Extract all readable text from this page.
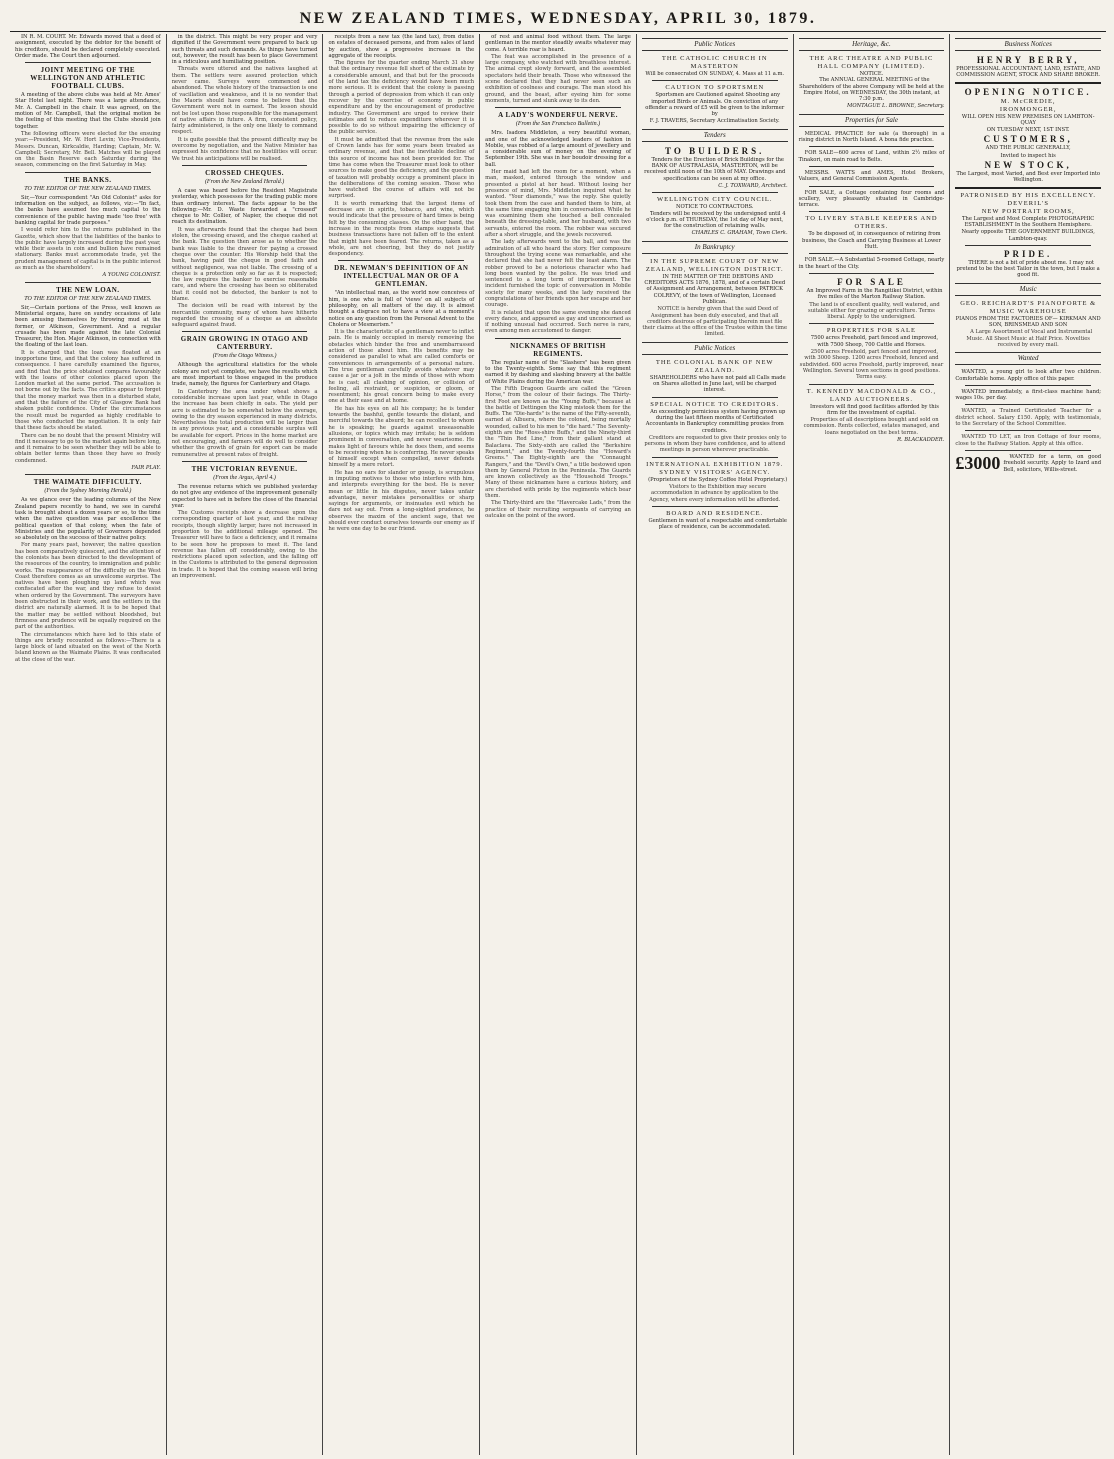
NEW ZEALAND TIMES, WEDNESDAY, APRIL 30, 1879.

IN R. M. COURT. Mr. Edwards moved that a deed of assignment, executed by the debtor for the benefit of his creditors, should be declared completely executed. Order made. The Court then adjourned.

JOINT MEETING OF THE WELLINGTON AND ATHLETIC FOOTBALL CLUBS.

A meeting of the above clubs was held at Mr. Ames' Star Hotel last night. There was a large attendance, Mr. A. Campbell in the chair. It was agreed, on the motion of Mr. Campbell, that the original motion be the feeling of this meeting that the Clubs should join together.

The following officers were elected for the ensuing year:—President, Mr. W. Hort Levin; Vice-Presidents, Messrs. Duncan, Kirkcaldie, Harding; Captain, Mr. W. Campbell; Secretary, Mr. Bell. Matches will be played on the Basin Reserve each Saturday during the season, commencing on the first Saturday in May.

THE BANKS.
TO THE EDITOR OF THE NEW ZEALAND TIMES.

Sir,—Your correspondent "An Old Colonist" asks for information on the subject, as follows, viz:—"In fact, the banks have assumed too much capital to the convenience of the public having made 'too free' with banking capital for trade purposes."

I would refer him to the returns published in the Gazette, which show that the liabilities of the banks to the public have largely increased during the past year, while their assets in coin and bullion have remained stationary. Banks must accommodate trade, yet the prudent management of capital is in the public interest as much as the shareholders'.

A YOUNG COLONIST.

THE NEW LOAN.
TO THE EDITOR OF THE NEW ZEALAND TIMES.

Sir,—Certain portions of the Press, well known as Ministerial organs, have on sundry occasions of late been amusing themselves by throwing mud at the former, or Atkinson, Government. And a regular crusade has been made against the late Colonial Treasurer, the Hon. Major Atkinson, in connection with the floating of the last loan.

It is charged that the loan was floated at an inopportune time, and that the colony has suffered in consequence. I have carefully examined the figures, and find that the price obtained compares favourably with the loans of other colonies placed upon the London market at the same period. The accusation is not borne out by the facts. The critics appear to forget that the money market was then in a disturbed state, and that the failure of the City of Glasgow Bank had shaken public confidence. Under the circumstances the result must be regarded as highly creditable to those who conducted the negotiation. It is only fair that these facts should be stated.

There can be no doubt that the present Ministry will find it necessary to go to the market again before long, and it remains to be seen whether they will be able to obtain better terms than those they have so freely condemned.

FAIR PLAY.

THE WAIMATE DIFFICULTY.
(From the Sydney Morning Herald.)

As we glance over the leading columns of the New Zealand papers recently to hand, we see in careful task is brought about a dozen years or so, to the time when the native question was par excellence the political question of that colony, when the fate of Ministries and the popularity of Governors depended so absolutely on the success of their native policy.

For many years past, however, the native question has been comparatively quiescent, and the attention of the colonists has been directed to the development of the resources of the country, to immigration and public works. The reappearance of the difficulty on the West Coast therefore comes as an unwelcome surprise. The natives have been ploughing up land which was confiscated after the war, and they refuse to desist when ordered by the Government. The surveyors have been obstructed in their work, and the settlers in the district are naturally alarmed. It is to be hoped that the matter may be settled without bloodshed, but firmness and prudence will be equally required on the part of the authorities.

The circumstances which have led to this state of things are briefly recounted as follows:—There is a large block of land situated on the west of the North Island known as the Waimate Plains. It was confiscated at the close of the war.

in the district. This might be very proper and very dignified if the Government were prepared to back up such threats and such demands. As things have turned out, however, the result has been to place Government in a ridiculous and humiliating position.

Threats were uttered and the natives laughed at them. The settlers were assured protection which never came. Surveys were commenced and abandoned. The whole history of the transaction is one of vacillation and weakness, and it is no wonder that the Maoris should have come to believe that the Government were not in earnest. The lesson should not be lost upon those responsible for the management of native affairs in future. A firm, consistent policy, fairly administered, is the only one likely to command respect.

It is quite possible that the present difficulty may be overcome by negotiation, and the Native Minister has expressed his confidence that no hostilities will occur. We trust his anticipations will be realised.

CROSSED CHEQUES.
(From the New Zealand Herald.)

A case was heard before the Resident Magistrate yesterday, which possesses for the trading public more than ordinary interest. The facts appear to be the following:—Mr. D. Waste forwarded a "crossed" cheque to Mr. Collier, of Napier, the cheque did not reach its destination.

It was afterwards found that the cheque had been stolen, the crossing erased, and the cheque cashed at the bank. The question then arose as to whether the bank was liable to the drawer for paying a crossed cheque over the counter. His Worship held that the bank, having paid the cheque in good faith and without negligence, was not liable. The crossing of a cheque is a protection only so far as it is respected; the law requires the banker to exercise reasonable care, and where the crossing has been so obliterated that it could not be detected, the banker is not to blame.

The decision will be read with interest by the mercantile community, many of whom have hitherto regarded the crossing of a cheque as an absolute safeguard against fraud.

GRAIN GROWING IN OTAGO AND CANTERBURY.
(From the Otago Witness.)

Although the agricultural statistics for the whole colony are not yet complete, we have the results which are most important to those engaged in the produce trade, namely, the figures for Canterbury and Otago.

In Canterbury the area under wheat shows a considerable increase upon last year, while in Otago the increase has been chiefly in oats. The yield per acre is estimated to be somewhat below the average, owing to the dry season experienced in many districts. Nevertheless the total production will be larger than in any previous year, and a considerable surplus will be available for export. Prices in the home market are not encouraging, and farmers will do well to consider whether the growth of grain for export can be made remunerative at present rates of freight.

THE VICTORIAN REVENUE.
(From the Argus, April 4.)

The revenue returns which we published yesterday do not give any evidence of the improvement generally expected to have set in before the close of the financial year.

The Customs receipts show a decrease upon the corresponding quarter of last year, and the railway receipts, though slightly larger, have not increased in proportion to the additional mileage opened. The Treasurer will have to face a deficiency, and it remains to be seen how he proposes to meet it. The land revenue has fallen off considerably, owing to the restrictions placed upon selection, and the falling off in the Customs is attributed to the general depression in trade. It is hoped that the coming season will bring an improvement.

receipts from a new tax (the land tax), from duties on estates of deceased persons, and from sales of land by auction, show a progressive increase in the aggregate of the receipts.

The figures for the quarter ending March 31 show that the ordinary revenue fell short of the estimate by a considerable amount, and that but for the proceeds of the land tax the deficiency would have been much more serious. It is evident that the colony is passing through a period of depression from which it can only recover by the exercise of economy in public expenditure and by the encouragement of productive industry. The Government are urged to review their estimates and to reduce expenditure wherever it is possible to do so without impairing the efficiency of the public service.

It must be admitted that the revenue from the sale of Crown lands has for some years been treated as ordinary revenue, and that the inevitable decline of this source of income has not been provided for. The time has come when the Treasurer must look to other sources to make good the deficiency, and the question of taxation will probably occupy a prominent place in the deliberations of the coming session. Those who have watched the course of affairs will not be surprised.

It is worth remarking that the largest items of decrease are in spirits, tobacco, and wine, which would indicate that the pressure of hard times is being felt by the consuming classes. On the other hand, the increase in the receipts from stamps suggests that business transactions have not fallen off to the extent that might have been feared. The returns, taken as a whole, are not cheering, but they do not justify despondency.

DR. NEWMAN'S DEFINITION OF AN INTELLECTUAL MAN OR OF A GENTLEMAN.

"An intellectual man, as the world now conceives of him, is one who is full of 'views' on all subjects of philosophy, on all matters of the day. It is almost thought a disgrace not to have a view at a moment's notice on any question from the Personal Advent to the Cholera or Mesmerism."

It is the characteristic of a gentleman never to inflict pain. He is mainly occupied in merely removing the obstacles which hinder the free and unembarrassed action of those about him. His benefits may be considered as parallel to what are called comforts or conveniences in arrangements of a personal nature. The true gentleman carefully avoids whatever may cause a jar or a jolt in the minds of those with whom he is cast; all clashing of opinion, or collision of feeling, all restraint, or suspicion, or gloom, or resentment; his great concern being to make every one at their ease and at home.

He has his eyes on all his company; he is tender towards the bashful, gentle towards the distant, and merciful towards the absurd; he can recollect to whom he is speaking; he guards against unseasonable allusions, or topics which may irritate; he is seldom prominent in conversation, and never wearisome. He makes light of favours while he does them, and seems to be receiving when he is conferring. He never speaks of himself except when compelled, never defends himself by a mere retort.

He has no ears for slander or gossip, is scrupulous in imputing motives to those who interfere with him, and interprets everything for the best. He is never mean or little in his disputes, never takes unfair advantage, never mistakes personalities or sharp sayings for arguments, or insinuates evil which he dare not say out. From a long-sighted prudence, he observes the maxim of the ancient sage, that we should ever conduct ourselves towards our enemy as if he were one day to be our friend.

of rest and animal food without them. The large gentleman in the mentor steadily awaits whatever may come. A terrible roar is heard.

The feat was accomplished in the presence of a large company, who watched with breathless interest. The animal crept slowly forward, and the assembled spectators held their breath. Those who witnessed the scene declared that they had never seen such an exhibition of coolness and courage. The man stood his ground, and the beast, after eyeing him for some moments, turned and slunk away to its den.

A LADY'S WONDERFUL NERVE.
(From the San Francisco Bulletin.)

Mrs. Isadora Middleton, a very beautiful woman, and one of the acknowledged leaders of fashion in Mobile, was robbed of a large amount of jewellery and a considerable sum of money on the evening of September 19th. She was in her boudoir dressing for a ball.

Her maid had left the room for a moment, when a man, masked, entered through the window and presented a pistol at her head. Without losing her presence of mind, Mrs. Middleton inquired what he wanted. "Your diamonds," was the reply. She quietly took them from the case and handed them to him, at the same time engaging him in conversation. While he was examining them she touched a bell concealed beneath the dressing-table, and her husband, with two servants, entered the room. The robber was secured after a short struggle, and the jewels recovered.

The lady afterwards went to the ball, and was the admiration of all who heard the story. Her composure throughout the trying scene was remarkable, and she declared that she had never felt the least alarm. The robber proved to be a notorious character who had long been wanted by the police. He was tried and sentenced to a long term of imprisonment. The incident furnished the topic of conversation in Mobile society for many weeks, and the lady received the congratulations of her friends upon her escape and her courage.

It is related that upon the same evening she danced every dance, and appeared as gay and unconcerned as if nothing unusual had occurred. Such nerve is rare, even among men accustomed to danger.

NICKNAMES OF BRITISH REGIMENTS.

The regular name of the "Slashers" has been given to the Twenty-eighth. Some say that this regiment earned it by dashing and slashing bravery at the battle of White Plains during the American war.

The Fifth Dragoon Guards are called the "Green Horse," from the colour of their facings. The Thirty-first Foot are known as the "Young Buffs," because at the battle of Dettingen the King mistook them for the Buffs. The "Die-hards" is the name of the Fifty-seventh, earned at Albuera, where the colonel, being mortally wounded, called to his men to "die hard." The Seventy-eighth are the "Ross-shire Buffs," and the Ninety-third the "Thin Red Line," from their gallant stand at Balaclava. The Sixty-sixth are called the "Berkshire Regiment," and the Twenty-fourth the "Howard's Greens." The Eighty-eighth are the "Connaught Rangers," and the "Devil's Own," a title bestowed upon them by General Picton in the Peninsula. The Guards are known collectively as the "Household Troops." Many of these nicknames have a curious history, and are cherished with pride by the regiments which bear them.

The Thirty-third are the "Havercake Lads," from the practice of their recruiting sergeants of carrying an oatcake on the point of the sword.

Public Notices
THE CATHOLIC CHURCH IN MASTERTON

Will be consecrated ON SUNDAY, 4. Mass at 11 a.m.

CAUTION TO SPORTSMEN

Sportsmen are Cautioned against Shooting any imported Birds or Animals. On conviction of any offender a reward of £5 will be given to the informer by

F. J. TRAVERS, Secretary Acclimatisation Society.

Tenders
TO BUILDERS.

Tenders for the Erection of Brick Buildings for the BANK OF AUSTRALASIA, MASTERTON, will be received until noon of the 10th of MAY. Drawings and specifications can be seen at my office.

C. J. TOXWARD, Architect.

WELLINGTON CITY COUNCIL.
NOTICE TO CONTRACTORS.

Tenders will be received by the undersigned until 4 o'clock p.m. of THURSDAY, the 1st day of May next, for the construction of retaining walls.

CHARLES C. GRAHAM, Town Clerk.

In Bankruptcy
IN THE SUPREME COURT OF NEW ZEALAND, WELLINGTON DISTRICT.

IN THE MATTER OF THE DEBTORS AND CREDITORS ACTS 1876, 1878, and of a certain Deed of Assignment and Arrangement, between PATRICK COLREVY, of the town of Wellington, Licensed Publican.

NOTICE is hereby given that the said Deed of Assignment has been duly executed, and that all creditors desirous of participating therein must file their claims at the office of the Trustee within the time limited.

Public Notices
THE COLONIAL BANK OF NEW ZEALAND.

SHAREHOLDERS who have not paid all Calls made on Shares allotted in June last, will be charged interest.

SPECIAL NOTICE TO CREDITORS.

An exceedingly pernicious system having grown up during the last fifteen months of Certificated Accountants in Bankruptcy committing proxies from creditors.

Creditors are requested to give their proxies only to persons in whom they have confidence, and to attend meetings in person wherever practicable.

INTERNATIONAL EXHIBITION 1879. SYDNEY VISITORS' AGENCY.

(Proprietors of the Sydney Coffee Hotel Proprietary.)

Visitors to the Exhibition may secure accommodation in advance by application to the Agency, where every information will be afforded.

BOARD AND RESIDENCE.

Gentlemen in want of a respectable and comfortable place of residence, can be accommodated.

Heritage, &c.
THE ARC THEATRE AND PUBLIC HALL COMPANY (LIMITED).
NOTICE.

The ANNUAL GENERAL MEETING of the Shareholders of the above Company will be held at the Empire Hotel, on WEDNESDAY, the 30th instant, at 7:30 p.m.

MONTAGUE L. BROWNE, Secretary.

Properties for Sale

MEDICAL PRACTICE for sale (a thorough) in a rising district in North Island. A bona fide practice.

FOR SALE—600 acres of Land, within 2½ miles of Tinakori, on main road to Belts.

MESSRS. WATTS and AMES, Hotel Brokers, Valuers, and General Commission Agents.

FOR SALE, a Cottage containing four rooms and scullery, very pleasantly situated in Cambridge-terrace.

TO LIVERY STABLE KEEPERS AND OTHERS.

To be disposed of, in consequence of retiring from business, the Coach and Carrying Business at Lower Hutt.

FOR SALE.—A Substantial 5-roomed Cottage, nearly in the heart of the City.

FOR SALE

An Improved Farm in the Rangitikei District, within five miles of the Marton Railway Station.

The land is of excellent quality, well watered, and suitable either for grazing or agriculture. Terms liberal. Apply to the undersigned.

PROPERTIES FOR SALE

7500 acres Freehold, part fenced and improved, with 7500 Sheep, 700 Cattle and Horses.

2500 acres Freehold, part fenced and improved, with 3000 Sheep. 1200 acres Freehold, fenced and subdivided. 600 acres Freehold, partly improved, near Wellington. Several town sections in good positions. Terms easy.

T. KENNEDY MACDONALD & CO., LAND AUCTIONEERS.

Investors will find good facilities afforded by this firm for the investment of capital.

Properties of all descriptions bought and sold on commission. Rents collected, estates managed, and loans negotiated on the best terms.

R. BLACKADDER.

Business Notices
HENRY BERRY,

PROFESSIONAL ACCOUNTANT, LAND, ESTATE, AND COMMISSION AGENT, STOCK AND SHARE BROKER.

OPENING NOTICE.
M. McCREDIE,
IRONMONGER,

WILL OPEN HIS NEW PREMISES ON LAMBTON-QUAY

ON TUESDAY NEXT, 1ST INST.

CUSTOMERS,

AND THE PUBLIC GENERALLY,

Invited to inspect his

NEW STOCK,

The Largest, most Varied, and Best ever Imported into Wellington.

PATRONISED BY HIS EXCELLENCY.
DEVERIL'S
NEW PORTRAIT ROOMS,

The Largest and Most Complete PHOTOGRAPHIC ESTABLISHMENT In the Southern Hemisphere.

Nearly opposite THE GOVERNMENT BUILDINGS, Lambton-quay.

PRIDE.

THERE is not a bit of pride about me. I may not pretend to be the best Tailor in the town, but I make a good fit.

Music
GEO. REICHARDT'S PIANOFORTE & MUSIC WAREHOUSE

PIANOS FROM THE FACTORIES OF— KIRKMAN AND SON, BRINSMEAD AND SON

A Large Assortment of Vocal and Instrumental Music. All Sheet Music at Half Price. Novelties received by every mail.

Wanted

WANTED, a young girl to look after two children. Comfortable home. Apply office of this paper.

WANTED immediately, a first-class machine hand; wages 10s. per day.

WANTED, a Trained Certificated Teacher for a district school. Salary £150. Apply, with testimonials, to the Secretary of the School Committee.

WANTED TO LET, an Iron Cottage of four rooms, close to the Railway Station. Apply at this office.

£3000	WANTED for a term, on good freehold security. Apply to Izard and Bell, solicitors, Willis-street.
